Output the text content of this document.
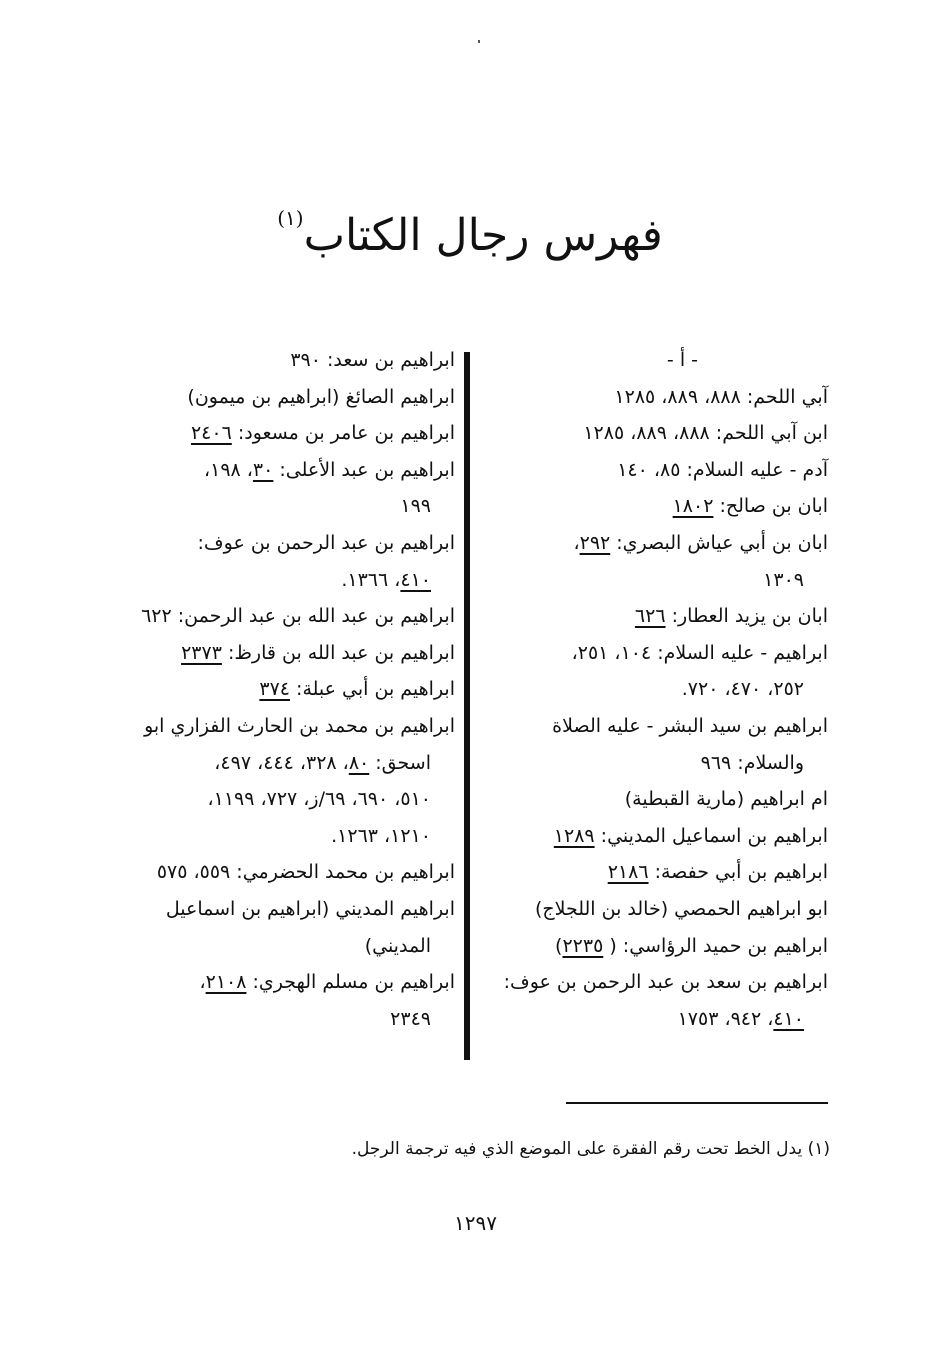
فهرس رجال الكتاب$^{(١)}$
- أ -
آبي اللحم: ٨٨٨، ٨٨٩، ١٢٨٥
ابن آبي اللحم: ٨٨٨، ٨٨٩، ١٢٨٥
آدم - عليه السلام: ٨٥، ١٤٠
ابان بن صالح: ١٨٠٢
ابان بن أبي عياش البصري: ٢٩٢،
١٣٠٩
ابان بن يزيد العطار: ٦٢٦
ابراهيم - عليه السلام: ١٠٤، ٢٥١،
٢٥٢، ٤٧٠، ٧٢٠.
ابراهيم بن سيد البشر - عليه الصلاة
والسلام: ٩٦٩
ام ابراهيم (مارية القبطية)
ابراهيم بن اسماعيل المديني: ١٢٨٩
ابراهيم بن أبي حفصة: ٢١٨٦
ابو ابراهيم الحمصي (خالد بن اللجلاج)
ابراهيم بن حميد الرؤاسي: ( ٢٢٣٥)
ابراهيم بن سعد بن عبد الرحمن بن عوف:
٤١٠، ٩٤٢، ١٧٥٣
ابراهيم بن سعد: ٣٩٠
ابراهيم الصائغ (ابراهيم بن ميمون)
ابراهيم بن عامر بن مسعود: ٢٤٠٦
ابراهيم بن عبد الأعلى: ٣٠، ١٩٨،
١٩٩
ابراهيم بن عبد الرحمن بن عوف:
٤١٠، ١٣٦٦.
ابراهيم بن عبد الله بن عبد الرحمن: ٦٢٢
ابراهيم بن عبد الله بن قارظ: ٢٣٧٣
ابراهيم بن أبي عبلة: ٣٧٤
ابراهيم بن محمد بن الحارث الفزاري ابو
اسحق: ٨٠، ٣٢٨، ٤٤٤، ٤٩٧،
٥١٠، ٦٩٠، ٦٩/ز، ٧٢٧، ١١٩٩،
١٢١٠، ١٢٦٣.
ابراهيم بن محمد الحضرمي: ٥٥٩، ٥٧٥
ابراهيم المديني (ابراهيم بن اسماعيل
المديني)
ابراهيم بن مسلم الهجري: ٢١٠٨،
٢٣٤٩
(١) يدل الخط تحت رقم الفقرة على الموضع الذي فيه ترجمة الرجل.
١٢٩٧
